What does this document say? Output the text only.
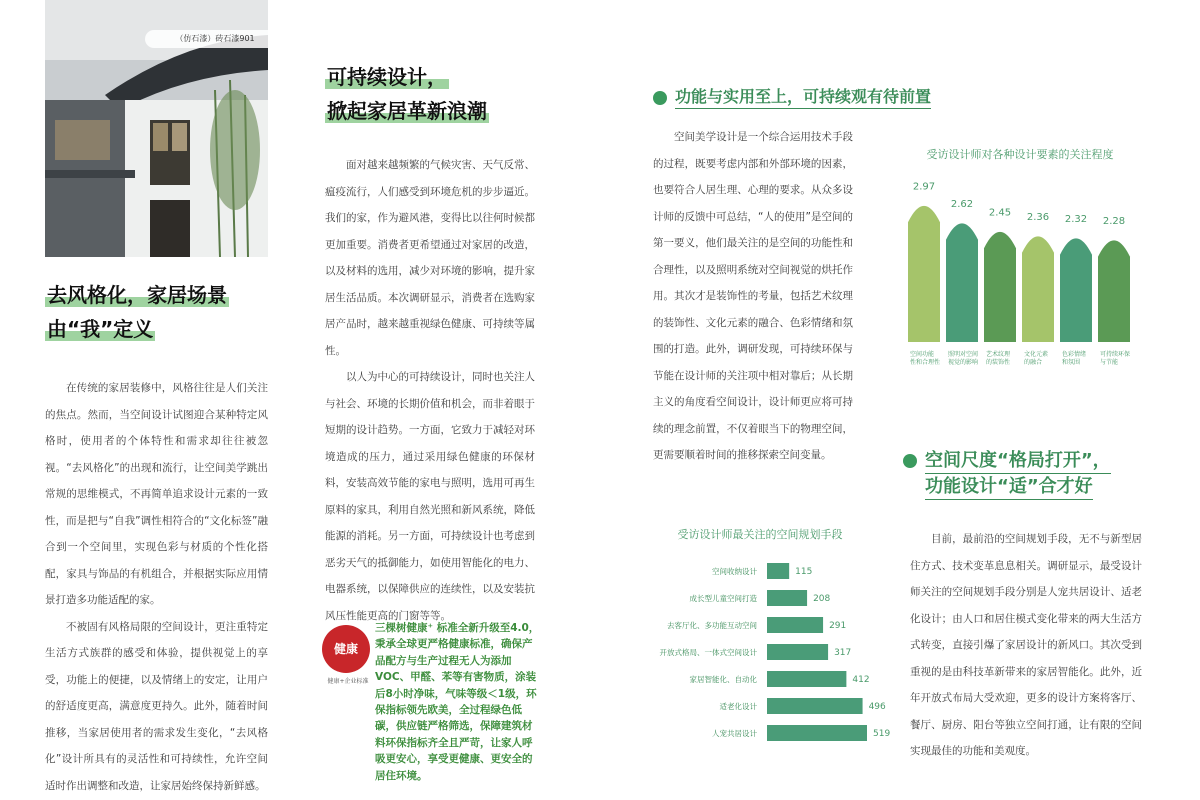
（仿石漆）砖石漆901
去风格化，家居场景
由“我”定义

在传统的家居装修中，风格往往是人们关注的焦点。然而，当空间设计试图迎合某种特定风格时，使用者的个体特性和需求却往往被忽视。“去风格化”的出现和流行，让空间美学跳出常规的思维模式，不再简单追求设计元素的一致性，而是把与“自我”调性相符合的“文化标签”融合到一个空间里，实现色彩与材质的个性化搭配，家具与饰品的有机组合，并根据实际应用情景打造多功能适配的家。
不被固有风格局限的空间设计，更注重特定生活方式族群的感受和体验，提供视觉上的享受，功能上的便捷，以及情绪上的安定，让用户的舒适度更高，满意度更持久。此外，随着时间推移，当家居使用者的需求发生变化，“去风格化”设计所具有的灵活性和可持续性，允许空间适时作出调整和改造，让家居始终保持新鲜感。

可持续设计，
掀起家居革新浪潮

面对越来越频繁的气候灾害、天气反常、瘟疫流行，人们感受到环境危机的步步逼近。我们的家，作为避风港，变得比以往何时候都更加重要。消费者更希望通过对家居的改造，以及材料的选用，减少对环境的影响，提升家居生活品质。本次调研显示，消费者在选购家居产品时，越来越重视绿色健康、可持续等属性。
以人为中心的可持续设计，同时也关注人与社会、环境的长期价值和机会，而非着眼于短期的设计趋势。一方面，它致力于减轻对环境造成的压力，通过采用绿色健康的环保材料，安装高效节能的家电与照明，选用可再生原料的家具，利用自然光照和新风系统，降低能源的消耗。另一方面，可持续设计也考虑到恶劣天气的抵御能力，如使用智能化的电力、电器系统，以保障供应的连续性，以及安装抗风压性能更高的门窗等等。

健康
健康+企业标准
三棵树健康⁺ 标准全新升级至4.0，秉承全球更严格健康标准，确保产品配方与生产过程无人为添加VOC、甲醛、苯等有害物质，涂装后8小时净味，气味等级＜1级，环保指标领先欧美，全过程绿色低碳，供应链严格筛选，保障建筑材料环保指标齐全且严苛，让家人呼吸更安心，享受更健康、更安全的居住环境。
功能与实用至上，可持续观有待前置

空间美学设计是一个综合运用技术手段的过程，既要考虑内部和外部环境的因素，也要符合人居生理、心理的要求。从众多设计师的反馈中可总结，“人的使用”是空间的第一要义，他们最关注的是空间的功能性和合理性，以及照明系统对空间视觉的烘托作用。其次才是装饰性的考量，包括艺术纹理的装饰性、文化元素的融合、色彩情绪和氛围的打造。此外，调研发现，可持续环保与节能在设计师的关注项中相对靠后；从长期主义的角度看空间设计，设计师更应将可持续的理念前置，不仅着眼当下的物理空间，更需要顺着时间的推移探索空间变量。

受访设计师对各种设计要素的关注程度
2.97
空间功能
性和合理性
2.62
照明对空间
视觉的影响
2.45
艺术纹理
的装饰性
2.36
文化元素
的融合
2.32
色彩情绪
和氛围
2.28
可持续环保
与节能
受访设计师最关注的空间规划手段
空间收纳设计	115
成长型儿童空间打造	208
去客厅化、多功能互动空间	291
开放式格局、一体式空间设计	317
家居智能化、自动化	412
适老化设计	496
人宠共居设计	519
空间尺度“格局打开”，
功能设计“适”合才好

目前，最前沿的空间规划手段，无不与新型居住方式、技术变革息息相关。调研显示，最受设计师关注的空间规划手段分别是人宠共居设计、适老化设计；由人口和居住模式变化带来的两大生活方式转变，直接引爆了家居设计的新风口。其次受到重视的是由科技革新带来的家居智能化。此外，近年开放式布局大受欢迎，更多的设计方案将客厅、餐厅、厨房、阳台等独立空间打通，让有限的空间实现最佳的功能和美观度。
